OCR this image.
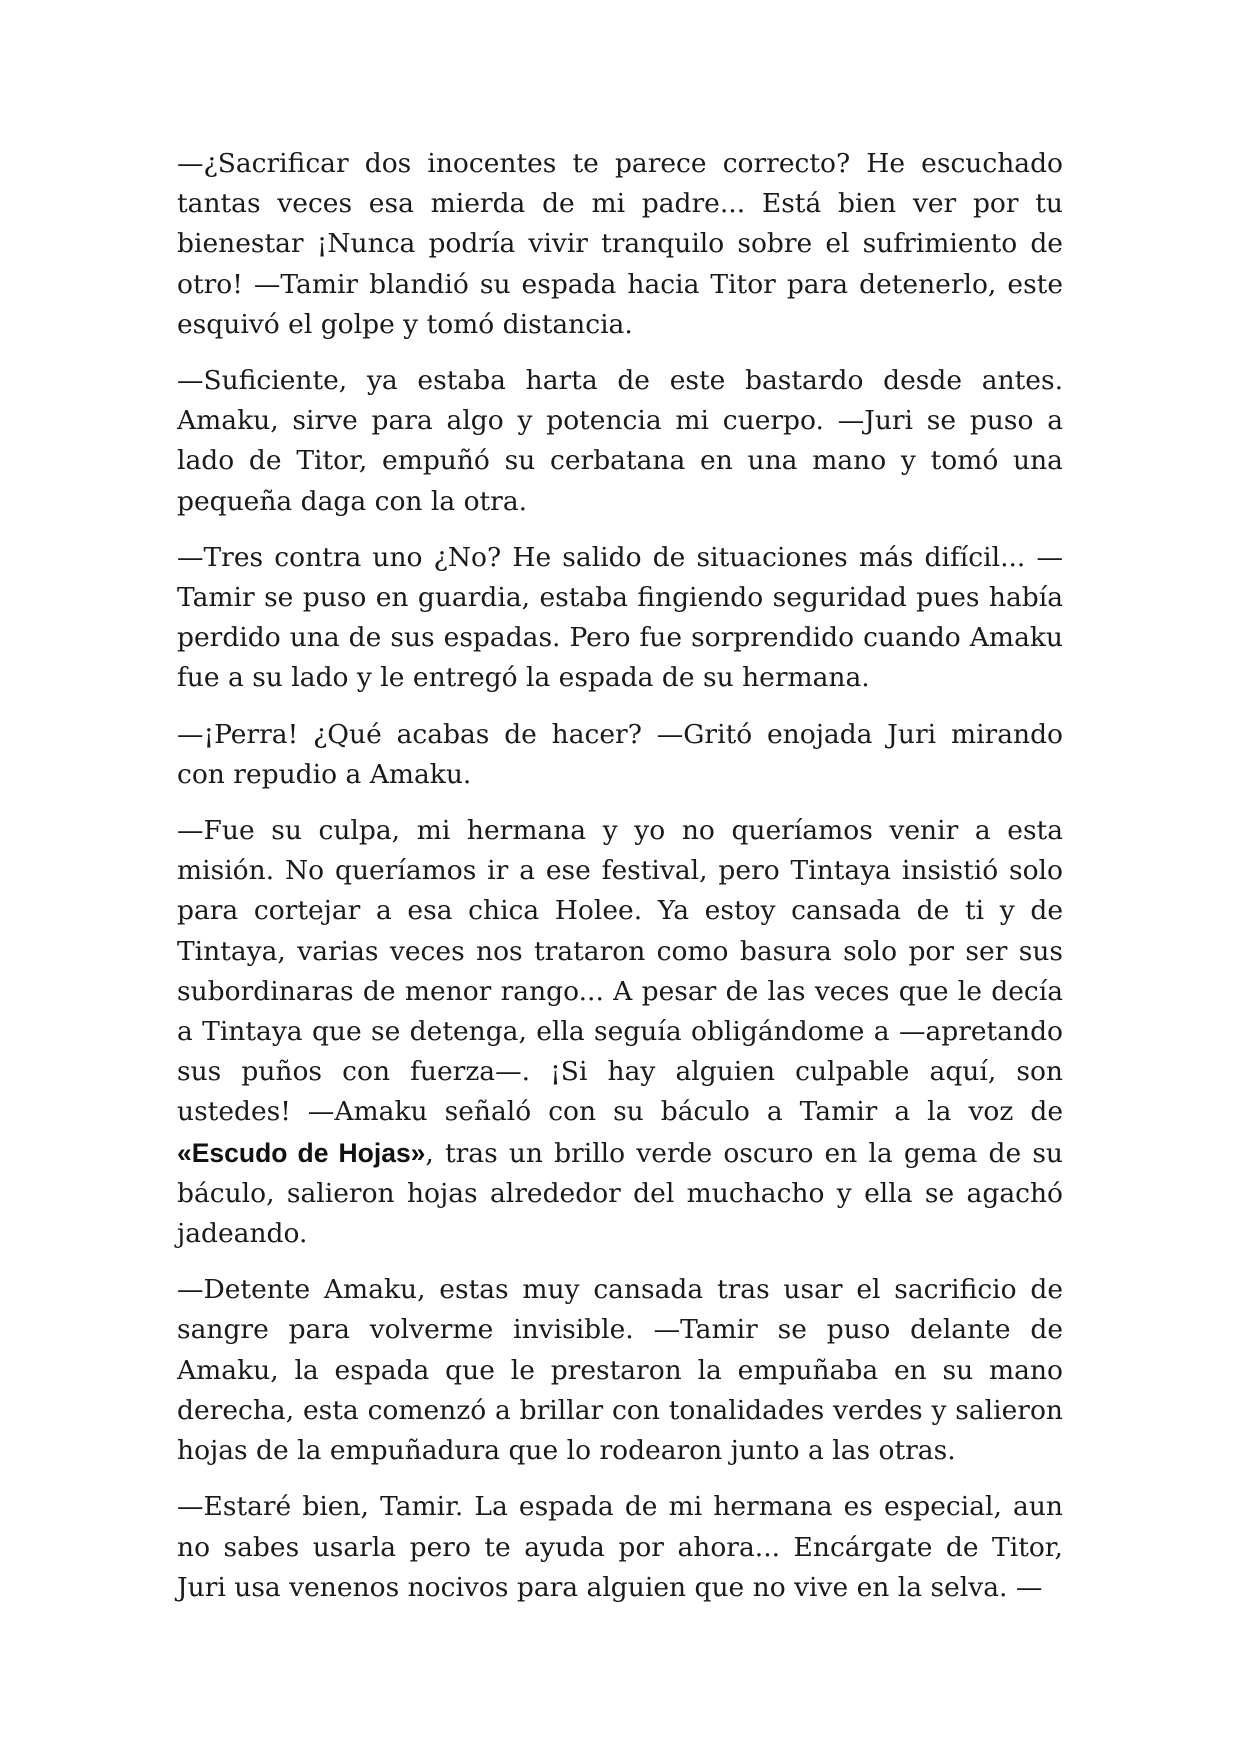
—¿Sacrificar dos inocentes te parece correcto? He escuchado tantas veces esa mierda de mi padre... Está bien ver por tu bienestar ¡Nunca podría vivir tranquilo sobre el sufrimiento de otro! —Tamir blandió su espada hacia Titor para detenerlo, este esquivó el golpe y tomó distancia.

—Suficiente, ya estaba harta de este bastardo desde antes. Amaku, sirve para algo y potencia mi cuerpo. —Juri se puso a lado de Titor, empuñó su cerbatana en una mano y tomó una pequeña daga con la otra.

—Tres contra uno ¿No? He salido de situaciones más difícil... —Tamir se puso en guardia, estaba fingiendo seguridad pues había perdido una de sus espadas. Pero fue sorprendido cuando Amaku fue a su lado y le entregó la espada de su hermana.

—¡Perra! ¿Qué acabas de hacer? —Gritó enojada Juri mirando con repudio a Amaku.

—Fue su culpa, mi hermana y yo no queríamos venir a esta misión. No queríamos ir a ese festival, pero Tintaya insistió solo para cortejar a esa chica Holee. Ya estoy cansada de ti y de Tintaya, varias veces nos trataron como basura solo por ser sus subordinaras de menor rango... A pesar de las veces que le decía a Tintaya que se detenga, ella seguía obligándome a —apretando sus puños con fuerza—. ¡Si hay alguien culpable aquí, son ustedes! —Amaku señaló con su báculo a Tamir a la voz de «Escudo de Hojas», tras un brillo verde oscuro en la gema de su báculo, salieron hojas alrededor del muchacho y ella se agachó jadeando.

—Detente Amaku, estas muy cansada tras usar el sacrificio de sangre para volverme invisible. —Tamir se puso delante de Amaku, la espada que le prestaron la empuñaba en su mano derecha, esta comenzó a brillar con tonalidades verdes y salieron hojas de la empuñadura que lo rodearon junto a las otras.

—Estaré bien, Tamir. La espada de mi hermana es especial, aun no sabes usarla pero te ayuda por ahora... Encárgate de Titor, Juri usa venenos nocivos para alguien que no vive en la selva. —
